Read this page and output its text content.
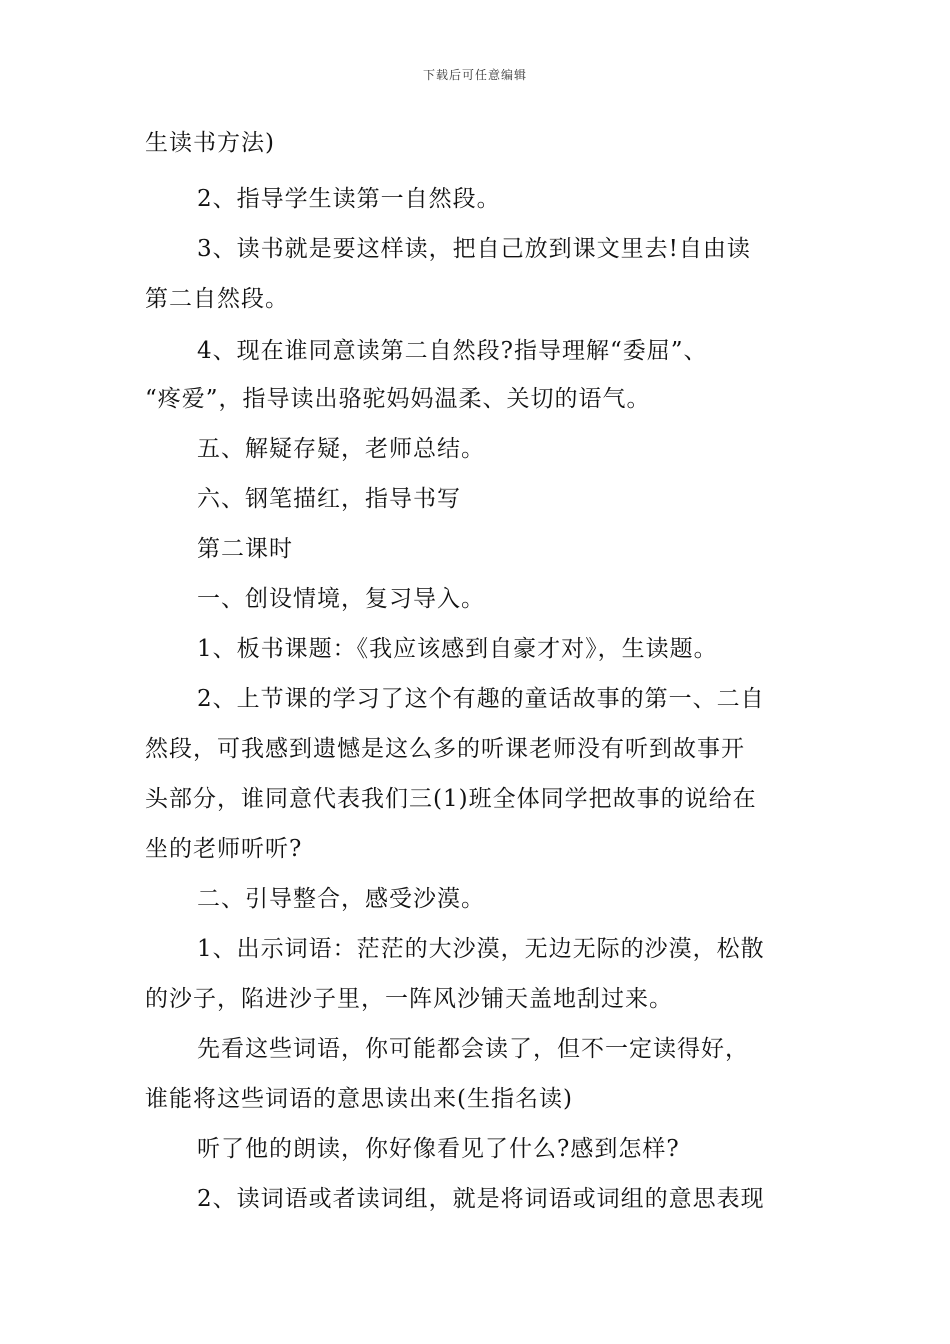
下载后可任意编辑
生读书方法)
2、指导学生读第一自然段。
3、读书就是要这样读，把自己放到课文里去!自由读
第二自然段。
4、现在谁同意读第二自然段?指导理解“委屈”、
“疼爱”，指导读出骆驼妈妈温柔、关切的语气。
五、解疑存疑，老师总结。
六、钢笔描红，指导书写
第二课时
一、创设情境，复习导入。
1、板书课题：《我应该感到自豪才对》，生读题。
2、上节课的学习了这个有趣的童话故事的第一、二自
然段，可我感到遗憾是这么多的听课老师没有听到故事开
头部分，谁同意代表我们三(1)班全体同学把故事的说给在
坐的老师听听?
二、引导整合，感受沙漠。
1、出示词语：茫茫的大沙漠，无边无际的沙漠，松散
的沙子，陷进沙子里，一阵风沙铺天盖地刮过来。
先看这些词语，你可能都会读了，但不一定读得好，
谁能将这些词语的意思读出来(生指名读)
听了他的朗读，你好像看见了什么?感到怎样?
2、读词语或者读词组，就是将词语或词组的意思表现
